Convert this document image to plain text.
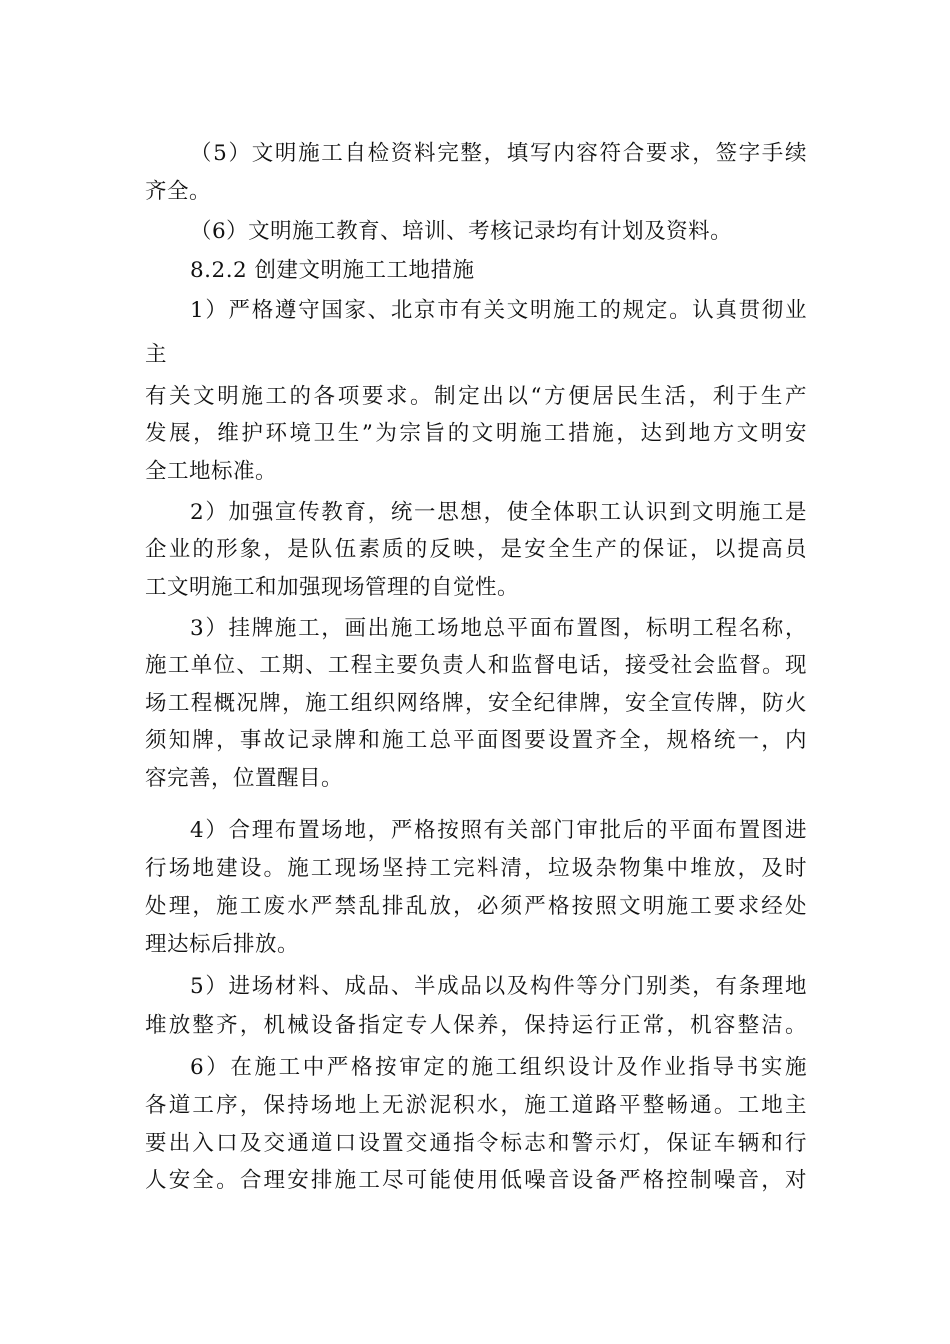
（5）文明施工自检资料完整，填写内容符合要求，签字手续
齐全。
（6）文明施工教育、培训、考核记录均有计划及资料。
8.2.2 创建文明施工工地措施
1）严格遵守国家、北京市有关文明施工的规定。认真贯彻业
主
有关文明施工的各项要求。制定出以“方便居民生活，利于生产
发展，维护环境卫生”为宗旨的文明施工措施，达到地方文明安
全工地标准。
2）加强宣传教育，统一思想，使全体职工认识到文明施工是
企业的形象，是队伍素质的反映，是安全生产的保证，以提高员
工文明施工和加强现场管理的自觉性。
3）挂牌施工，画出施工场地总平面布置图，标明工程名称，
施工单位、工期、工程主要负责人和监督电话，接受社会监督。现
场工程概况牌，施工组织网络牌，安全纪律牌，安全宣传牌，防火
须知牌，事故记录牌和施工总平面图要设置齐全，规格统一，内
容完善，位置醒目。
4）合理布置场地，严格按照有关部门审批后的平面布置图进
行场地建设。施工现场坚持工完料清，垃圾杂物集中堆放，及时
处理，施工废水严禁乱排乱放，必须严格按照文明施工要求经处
理达标后排放。
5）进场材料、成品、半成品以及构件等分门别类，有条理地
堆放整齐，机械设备指定专人保养，保持运行正常，机容整洁。
6）在施工中严格按审定的施工组织设计及作业指导书实施
各道工序，保持场地上无淤泥积水，施工道路平整畅通。工地主
要出入口及交通道口设置交通指令标志和警示灯，保证车辆和行
人安全。合理安排施工尽可能使用低噪音设备严格控制噪音，对
